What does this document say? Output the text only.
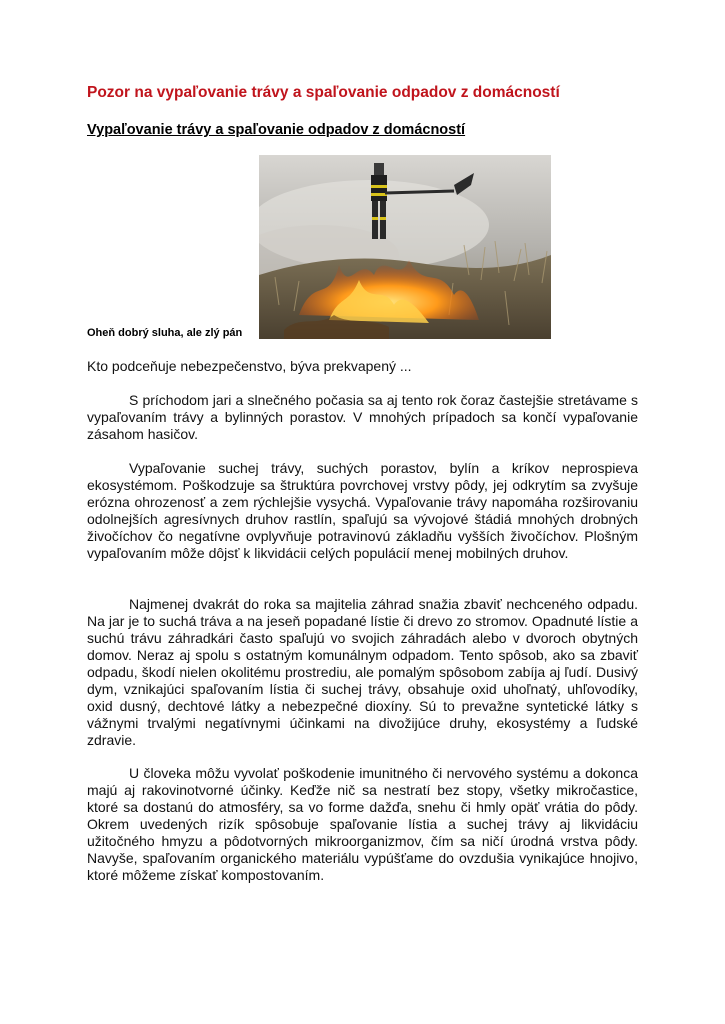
Pozor na vypaľovanie trávy a spaľovanie odpadov z domácností
Vypaľovanie trávy a spaľovanie odpadov z domácností
Oheň dobrý sluha, ale zlý pán
Kto podceňuje nebezpečenstvo, býva prekvapený ...

S príchodom jari a slnečného počasia sa aj tento rok čoraz častejšie stretávame s vypaľovaním trávy a bylinných porastov. V mnohých prípadoch sa končí vypaľovanie zásahom hasičov.

Vypaľovanie suchej trávy, suchých porastov, bylín a kríkov neprospieva ekosystémom. Poškodzuje sa štruktúra povrchovej vrstvy pôdy, jej odkrytím sa zvyšuje erózna ohrozenosť a zem rýchlejšie vysychá. Vypaľovanie trávy napomáha rozširovaniu odolnejších agresívnych druhov rastlín, spaľujú sa vývojové štádiá mnohých drobných živočíchov čo negatívne ovplyvňuje potravinovú základňu vyšších živočíchov. Plošným vypaľovaním môže dôjsť k likvidácii celých populácií menej mobilných druhov.

Najmenej dvakrát do roka sa majitelia záhrad snažia zbaviť nechceného odpadu. Na jar je to suchá tráva a na jeseň popadané lístie či drevo zo stromov. Opadnuté lístie a suchú trávu záhradkári často spaľujú vo svojich záhradách alebo v dvoroch obytných domov. Neraz aj spolu s ostatným komunálnym odpadom. Tento spôsob, ako sa zbaviť odpadu, škodí nielen okolitému prostrediu, ale pomalým spôsobom zabíja aj ľudí. Dusivý dym, vznikajúci spaľovaním lístia či suchej trávy, obsahuje oxid uhoľnatý, uhľovodíky, oxid dusný, dechtové látky a nebezpečné dioxíny. Sú to prevažne syntetické látky s vážnymi trvalými negatívnymi účinkami na divožijúce druhy, ekosystémy a ľudské zdravie.

U človeka môžu vyvolať poškodenie imunitného či nervového systému a dokonca majú aj rakovinotvorné účinky. Keďže nič sa nestratí bez stopy, všetky mikročastice, ktoré sa dostanú do atmosféry, sa vo forme dažďa, snehu či hmly opäť vrátia do pôdy. Okrem uvedených rizík spôsobuje spaľovanie lístia a suchej trávy aj likvidáciu užitočného hmyzu a pôdotvorných mikroorganizmov, čím sa ničí úrodná vrstva pôdy. Navyše, spaľovaním organického materiálu vypúšťame do ovzdušia vynikajúce hnojivo, ktoré môžeme získať kompostovaním.
